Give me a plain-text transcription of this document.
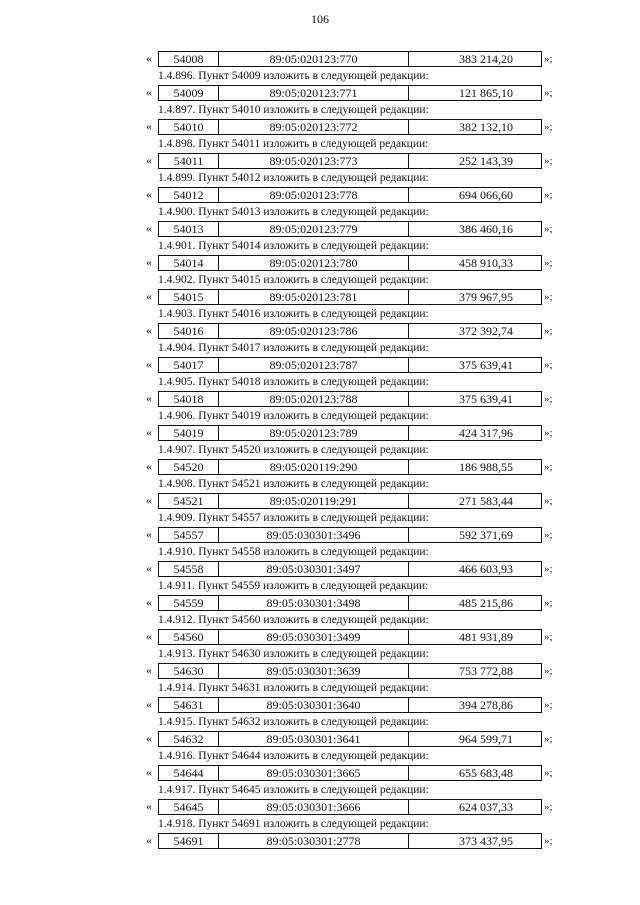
106
«	54008	89:05:020123:770	383 214,20	»;
1.4.896. Пункт 54009 изложить в следующей редакции:
«	54009	89:05:020123:771	121 865,10	»;
1.4.897. Пункт 54010 изложить в следующей редакции:
«	54010	89:05:020123:772	382 132,10	»;
1.4.898. Пункт 54011 изложить в следующей редакции:
«	54011	89:05:020123:773	252 143,39	»;
1.4.899. Пункт 54012 изложить в следующей редакции:
«	54012	89:05:020123:778	694 066,60	»;
1.4.900. Пункт 54013 изложить в следующей редакции:
«	54013	89:05:020123:779	386 460,16	»;
1.4.901. Пункт 54014 изложить в следующей редакции:
«	54014	89:05:020123:780	458 910,33	»;
1.4.902. Пункт 54015 изложить в следующей редакции:
«	54015	89:05:020123:781	379 967,95	»;
1.4.903. Пункт 54016 изложить в следующей редакции:
«	54016	89:05:020123:786	372 392,74	»;
1.4.904. Пункт 54017 изложить в следующей редакции:
«	54017	89:05:020123:787	375 639,41	»;
1.4.905. Пункт 54018 изложить в следующей редакции:
«	54018	89:05:020123:788	375 639,41	»;
1.4.906. Пункт 54019 изложить в следующей редакции:
«	54019	89:05:020123:789	424 317,96	»;
1.4.907. Пункт 54520 изложить в следующей редакции:
«	54520	89:05:020119:290	186 988,55	»;
1.4.908. Пункт 54521 изложить в следующей редакции:
«	54521	89:05:020119:291	271 583,44	»;
1.4.909. Пункт 54557 изложить в следующей редакции:
«	54557	89:05:030301:3496	592 371,69	»;
1.4.910. Пункт 54558 изложить в следующей редакции:
«	54558	89:05:030301:3497	466 603,93	»;
1.4.911. Пункт 54559 изложить в следующей редакции:
«	54559	89:05:030301:3498	485 215,86	»;
1.4.912. Пункт 54560 изложить в следующей редакции:
«	54560	89:05:030301:3499	481 931,89	»;
1.4.913. Пункт 54630 изложить в следующей редакции:
«	54630	89:05:030301:3639	753 772,88	»;
1.4.914. Пункт 54631 изложить в следующей редакции:
«	54631	89:05:030301:3640	394 278,86	»;
1.4.915. Пункт 54632 изложить в следующей редакции:
«	54632	89:05:030301:3641	964 599,71	»;
1.4.916. Пункт 54644 изложить в следующей редакции:
«	54644	89:05:030301:3665	655 683,48	»;
1.4.917. Пункт 54645 изложить в следующей редакции:
«	54645	89:05:030301:3666	624 037,33	»;
1.4.918. Пункт 54691 изложить в следующей редакции:
«	54691	89:05:030301:2778	373 437,95	»;
